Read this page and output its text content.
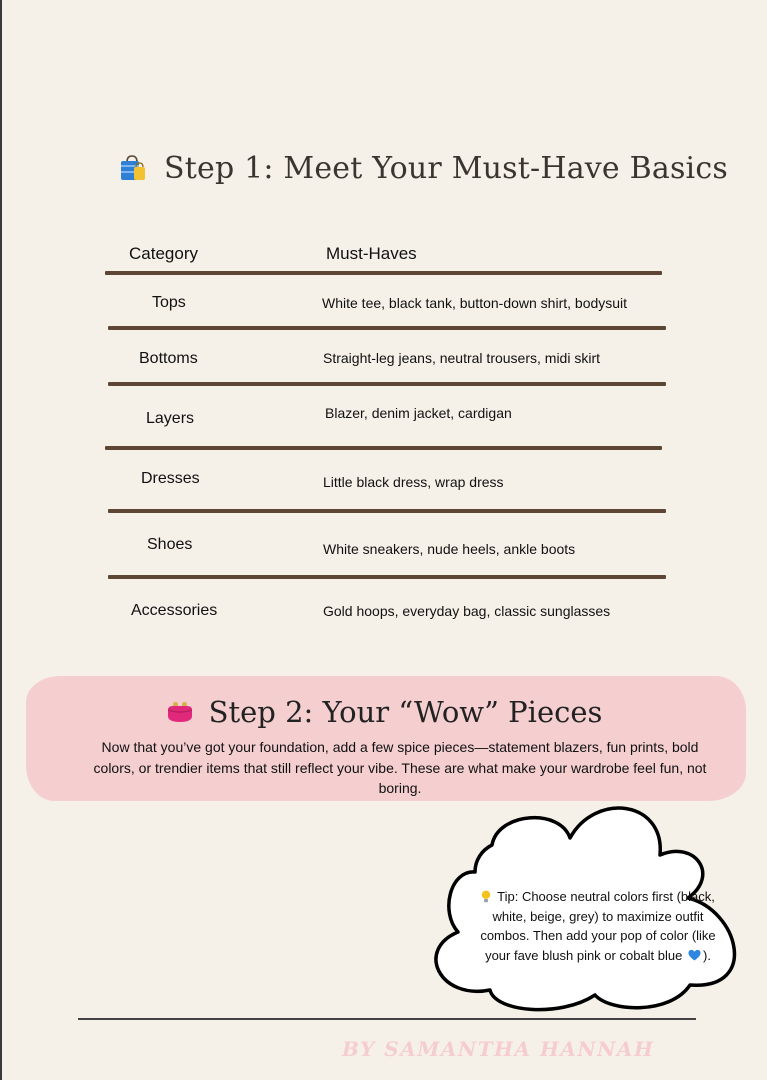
Step 1: Meet Your Must-Have Basics
Category	Must-Haves
Tops	White tee, black tank, button-down shirt, bodysuit
Bottoms	Straight-leg jeans, neutral trousers, midi skirt
Layers	Blazer, denim jacket, cardigan
Dresses	Little black dress, wrap dress
Shoes	White sneakers, nude heels, ankle boots
Accessories	Gold hoops, everyday bag, classic sunglasses
Step 2: Your “Wow” Pieces
Now that you’ve got your foundation, add a few spice pieces—statement blazers, fun prints, bold colors, or trendier items that still reflect your vibe. These are what make your wardrobe feel fun, not boring.
Tip: Choose neutral colors first (black, white, beige, grey) to maximize outfit combos. Then add your pop of color (like your fave blush pink or cobalt blue ).
BY SAMANTHA HANNAH
